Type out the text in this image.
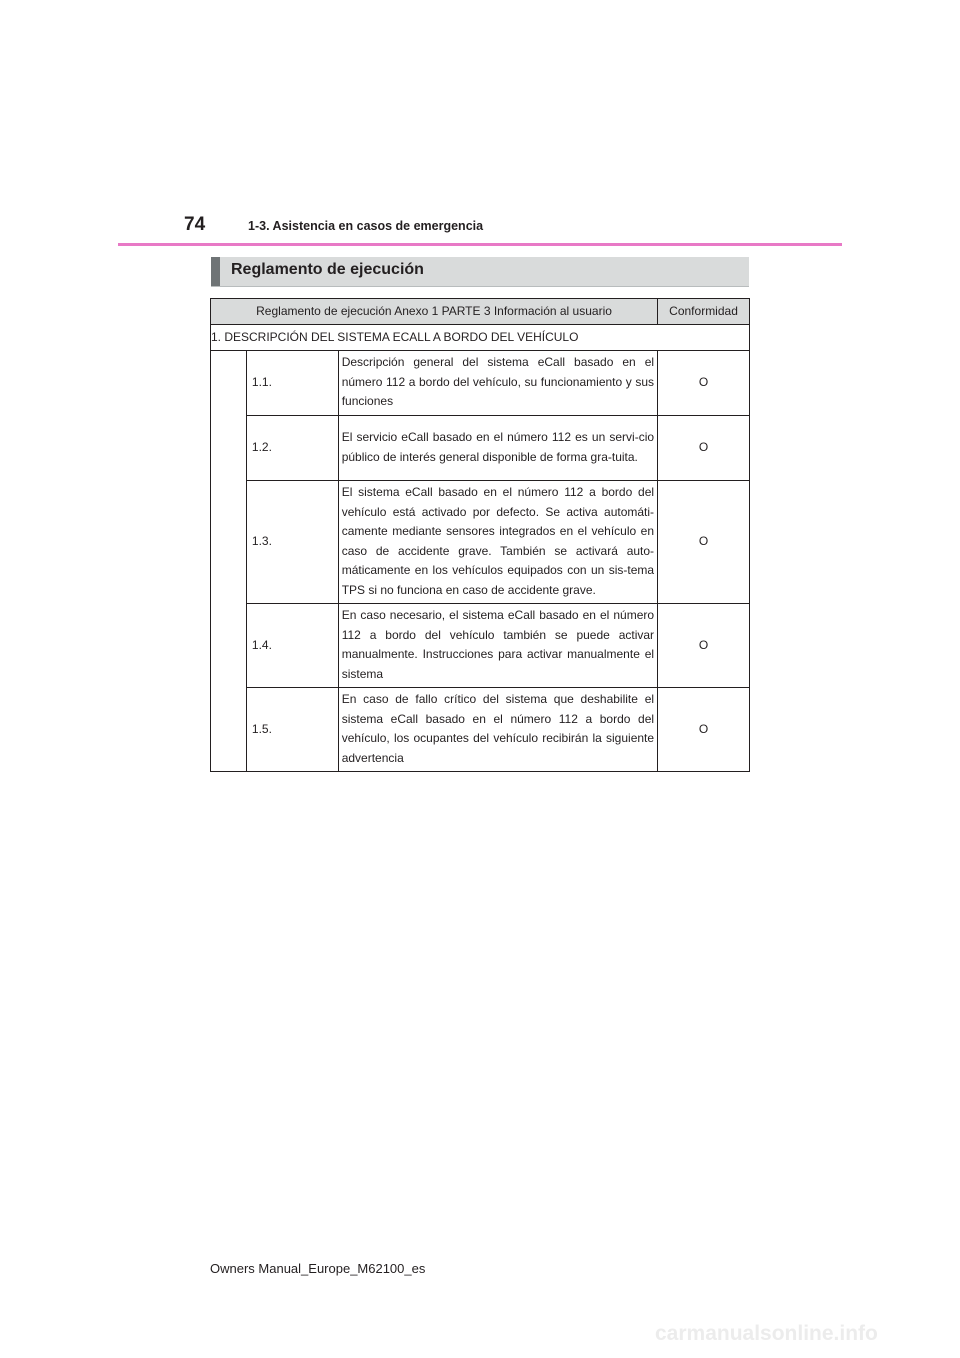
74	1-3. Asistencia en casos de emergencia
Reglamento de ejecución
Reglamento de ejecución Anexo 1 PARTE 3 Información al usuario			Conformidad
1. DESCRIPCIÓN DEL SISTEMA ECALL A BORDO DEL VEHÍCULO			
	1.1.	Descripción general del sistema eCall basado en el número 112 a bordo del vehículo, su funcionamiento y sus funciones	O
	1.2.	El servicio eCall basado en el número 112 es un servi-cio público de interés general disponible de forma gra-tuita.	O
	1.3.	El sistema eCall basado en el número 112 a bordo del vehículo está activado por defecto. Se activa automáti-camente mediante sensores integrados en el vehículo en caso de accidente grave. También se activará auto-máticamente en los vehículos equipados con un sis-tema TPS si no funciona en caso de accidente grave.	O
	1.4.	En caso necesario, el sistema eCall basado en el número 112 a bordo del vehículo también se puede activar manualmente. Instrucciones para activar manualmente el sistema	O
	1.5.	En caso de fallo crítico del sistema que deshabilite el sistema eCall basado en el número 112 a bordo del vehículo, los ocupantes del vehículo recibirán la siguiente advertencia	O
Owners Manual_Europe_M62100_es
carmanualsonline.info
